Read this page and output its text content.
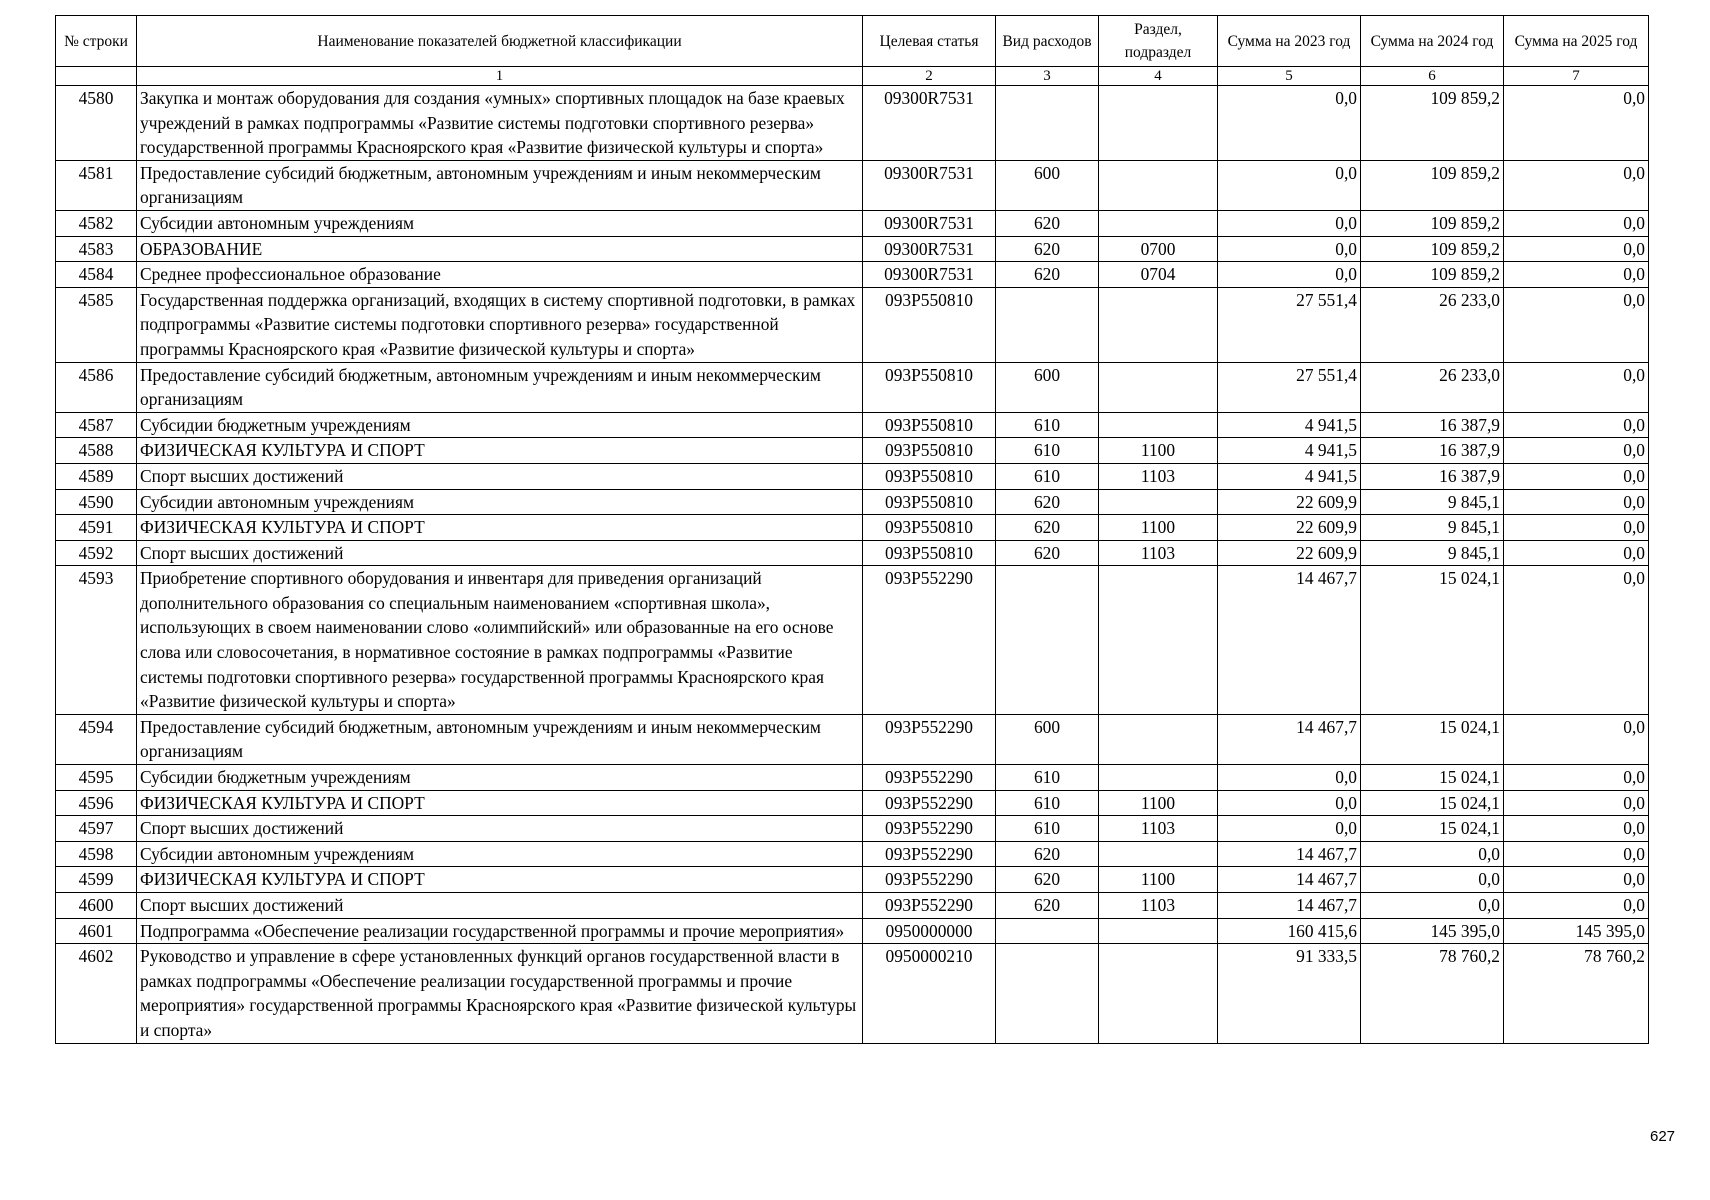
№ строки	Наименование показателей бюджетной классификации	Целевая статья	Вид расходов	Раздел, подраздел	Сумма на 2023 год	Сумма на 2024 год	Сумма на 2025 год
	1	2	3	4	5	6	7
4580	Закупка и монтаж оборудования для создания «умных» спортивных площадок на базе краевых учреждений в рамках подпрограммы «Развитие системы подготовки спортивного резерва» государственной программы Красноярского края «Развитие физической культуры и спорта»	09300R7531			0,0	109 859,2	0,0
4581	Предоставление субсидий бюджетным, автономным учреждениям и иным некоммерческим организациям	09300R7531	600		0,0	109 859,2	0,0
4582	Субсидии автономным учреждениям	09300R7531	620		0,0	109 859,2	0,0
4583	ОБРАЗОВАНИЕ	09300R7531	620	0700	0,0	109 859,2	0,0
4584	Среднее профессиональное образование	09300R7531	620	0704	0,0	109 859,2	0,0
4585	Государственная поддержка организаций, входящих в систему спортивной подготовки, в рамках подпрограммы «Развитие системы подготовки спортивного резерва» государственной программы Красноярского края «Развитие физической культуры и спорта»	093P550810			27 551,4	26 233,0	0,0
4586	Предоставление субсидий бюджетным, автономным учреждениям и иным некоммерческим организациям	093P550810	600		27 551,4	26 233,0	0,0
4587	Субсидии бюджетным учреждениям	093P550810	610		4 941,5	16 387,9	0,0
4588	ФИЗИЧЕСКАЯ КУЛЬТУРА И СПОРТ	093P550810	610	1100	4 941,5	16 387,9	0,0
4589	Спорт высших достижений	093P550810	610	1103	4 941,5	16 387,9	0,0
4590	Субсидии автономным учреждениям	093P550810	620		22 609,9	9 845,1	0,0
4591	ФИЗИЧЕСКАЯ КУЛЬТУРА И СПОРТ	093P550810	620	1100	22 609,9	9 845,1	0,0
4592	Спорт высших достижений	093P550810	620	1103	22 609,9	9 845,1	0,0
4593	Приобретение спортивного оборудования и инвентаря для приведения организаций дополнительного образования со специальным наименованием «спортивная школа», использующих в своем наименовании слово «олимпийский» или образованные на его основе слова или словосочетания, в нормативное состояние в рамках подпрограммы «Развитие системы подготовки спортивного резерва» государственной программы Красноярского края «Развитие физической культуры и спорта»	093P552290			14 467,7	15 024,1	0,0
4594	Предоставление субсидий бюджетным, автономным учреждениям и иным некоммерческим организациям	093P552290	600		14 467,7	15 024,1	0,0
4595	Субсидии бюджетным учреждениям	093P552290	610		0,0	15 024,1	0,0
4596	ФИЗИЧЕСКАЯ КУЛЬТУРА И СПОРТ	093P552290	610	1100	0,0	15 024,1	0,0
4597	Спорт высших достижений	093P552290	610	1103	0,0	15 024,1	0,0
4598	Субсидии автономным учреждениям	093P552290	620		14 467,7	0,0	0,0
4599	ФИЗИЧЕСКАЯ КУЛЬТУРА И СПОРТ	093P552290	620	1100	14 467,7	0,0	0,0
4600	Спорт высших достижений	093P552290	620	1103	14 467,7	0,0	0,0
4601	Подпрограмма «Обеспечение реализации государственной программы и прочие мероприятия»	0950000000			160 415,6	145 395,0	145 395,0
4602	Руководство и управление в сфере установленных функций органов государственной власти в рамках подпрограммы «Обеспечение реализации государственной программы и прочие мероприятия» государственной программы Красноярского края «Развитие физической культуры и спорта»	0950000210			91 333,5	78 760,2	78 760,2
627
